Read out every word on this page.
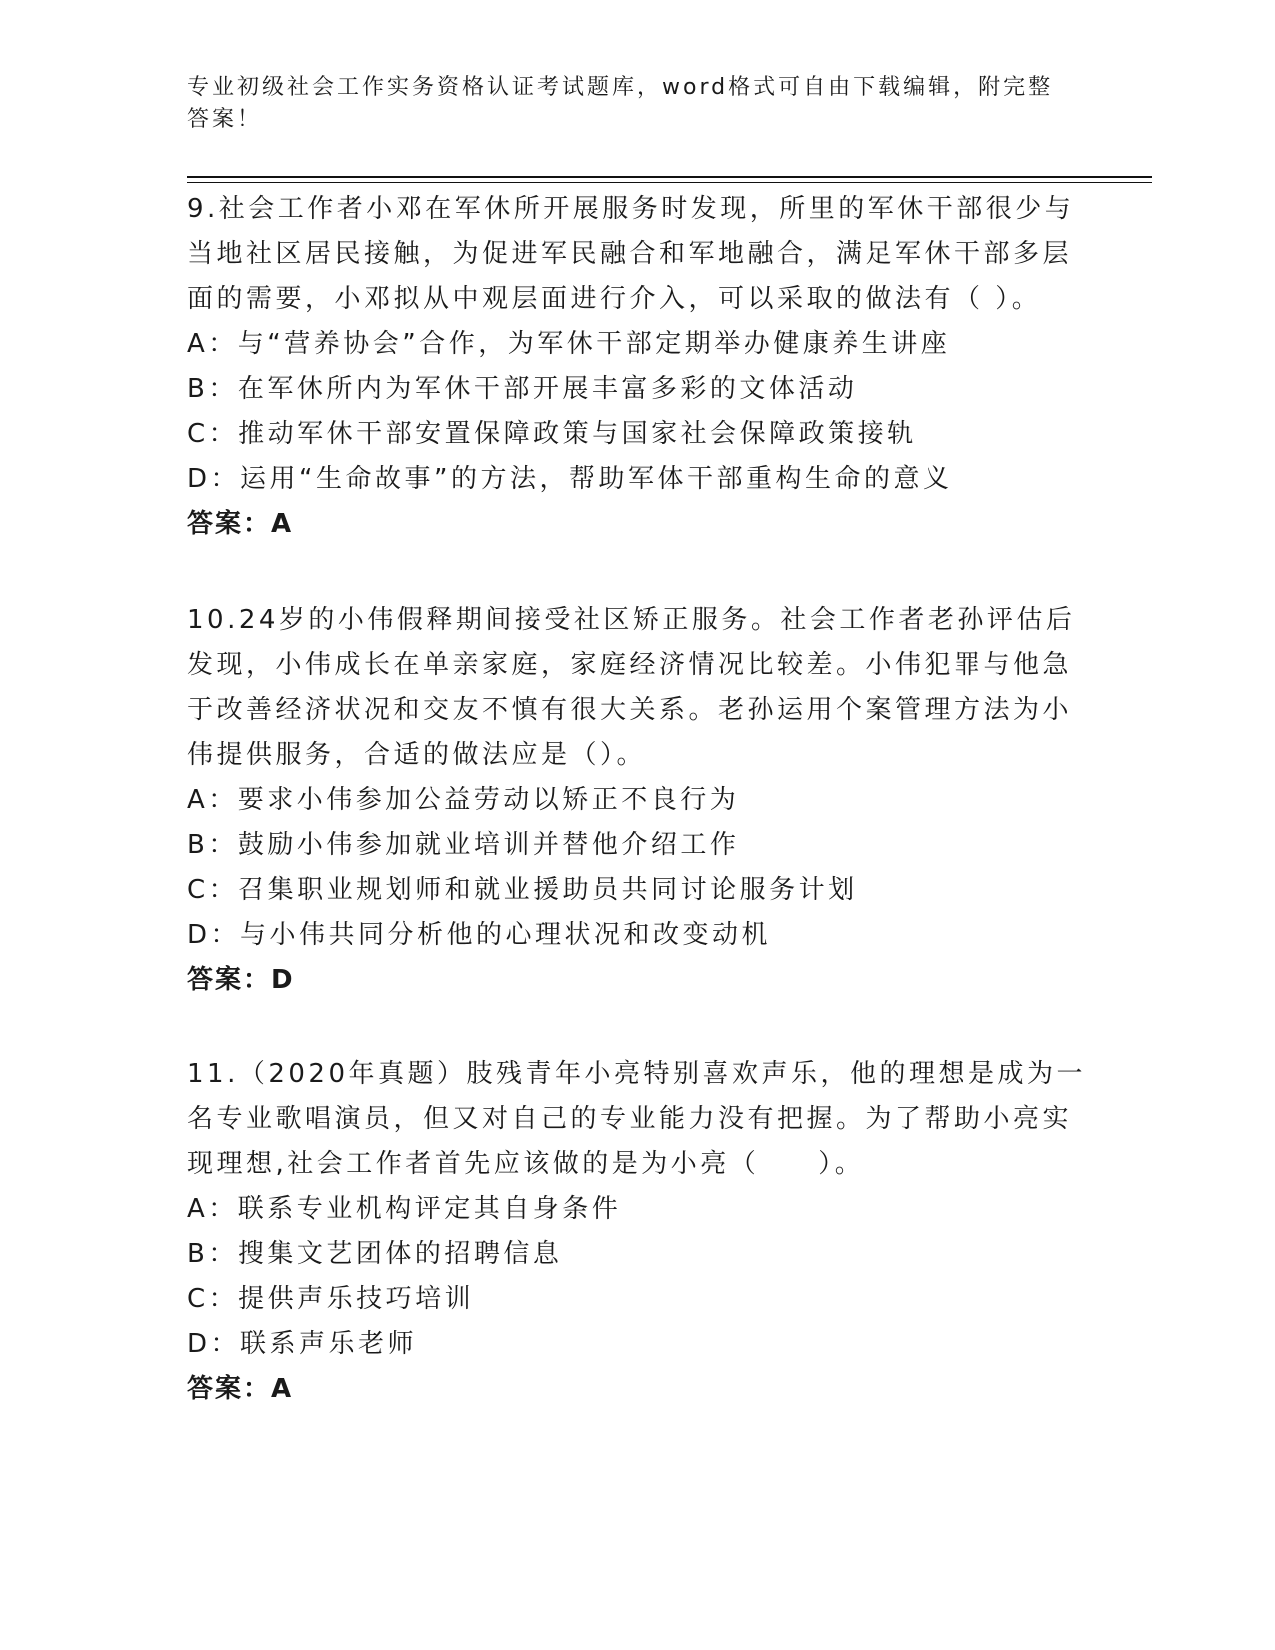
专业初级社会工作实务资格认证考试题库，word格式可自由下载编辑，附完整答案！

9.社会工作者小邓在军休所开展服务时发现，所里的军休干部很少与当地社区居民接触，为促进军民融合和军地融合，满足军休干部多层面的需要，小邓拟从中观层面进行介入，可以采取的做法有（ ）。

A：与“营养协会”合作，为军休干部定期举办健康养生讲座

B：在军休所内为军休干部开展丰富多彩的文体活动

C：推动军休干部安置保障政策与国家社会保障政策接轨

D：运用“生命故事”的方法，帮助军体干部重构生命的意义

答案：A

10.24岁的小伟假释期间接受社区矫正服务。社会工作者老孙评估后发现，小伟成长在单亲家庭，家庭经济情况比较差。小伟犯罪与他急于改善经济状况和交友不慎有很大关系。老孙运用个案管理方法为小伟提供服务，合适的做法应是（）。

A：要求小伟参加公益劳动以矫正不良行为

B：鼓励小伟参加就业培训并替他介绍工作

C：召集职业规划师和就业援助员共同讨论服务计划

D：与小伟共同分析他的心理状况和改变动机

答案：D

11.（2020年真题）肢残青年小亮特别喜欢声乐，他的理想是成为一名专业歌唱演员，但又对自己的专业能力没有把握。为了帮助小亮实现理想,社会工作者首先应该做的是为小亮（　　）。

A：联系专业机构评定其自身条件

B：搜集文艺团体的招聘信息

C：提供声乐技巧培训

D：联系声乐老师

答案：A
